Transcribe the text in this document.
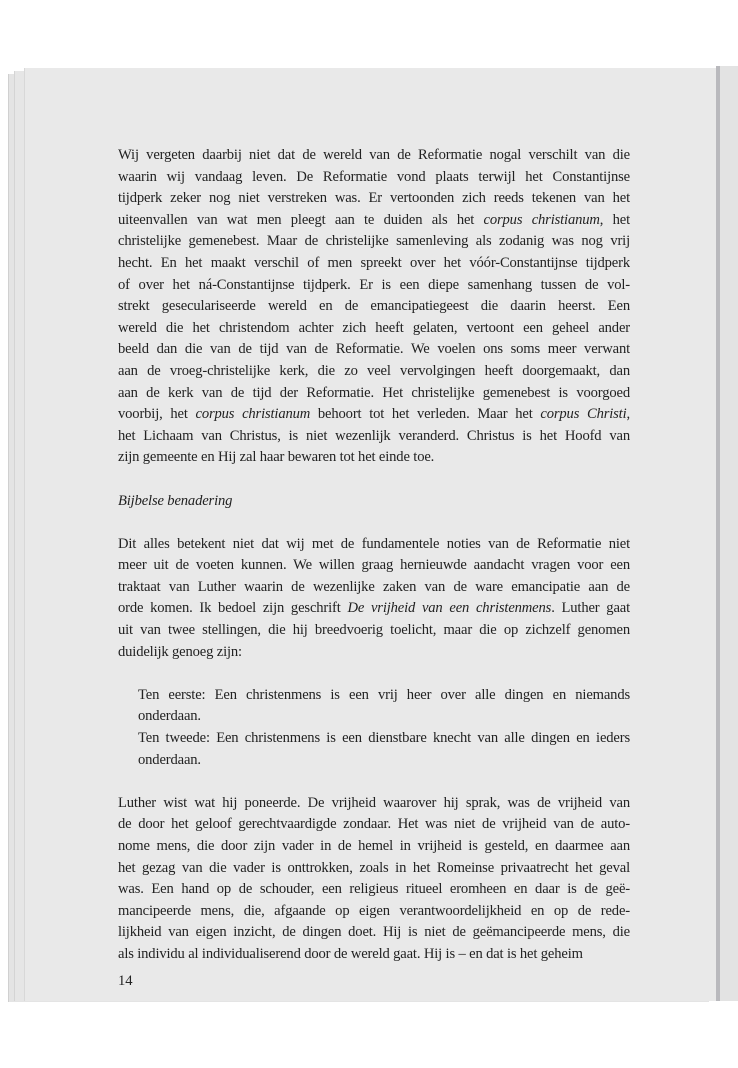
Wij vergeten daarbij niet dat de wereld van de Reformatie nogal verschilt van die
waarin wij vandaag leven. De Reformatie vond plaats terwijl het Constantijnse
tijdperk zeker nog niet verstreken was. Er vertoonden zich reeds tekenen van het
uiteenvallen van wat men pleegt aan te duiden als het corpus christianum, het
christelijke gemenebest. Maar de christelijke samenleving als zodanig was nog vrij
hecht. En het maakt verschil of men spreekt over het vóór-Constantijnse tijdperk
of over het ná-Constantijnse tijdperk. Er is een diepe samenhang tussen de vol-
strekt geseculariseerde wereld en de emancipatiegeest die daarin heerst. Een
wereld die het christendom achter zich heeft gelaten, vertoont een geheel ander
beeld dan die van de tijd van de Reformatie. We voelen ons soms meer verwant
aan de vroeg-christelijke kerk, die zo veel vervolgingen heeft doorgemaakt, dan
aan de kerk van de tijd der Reformatie. Het christelijke gemenebest is voorgoed
voorbij, het corpus christianum behoort tot het verleden. Maar het corpus Christi,
het Lichaam van Christus, is niet wezenlijk veranderd. Christus is het Hoofd van
zijn gemeente en Hij zal haar bewaren tot het einde toe.
Bijbelse benadering
Dit alles betekent niet dat wij met de fundamentele noties van de Reformatie niet
meer uit de voeten kunnen. We willen graag hernieuwde aandacht vragen voor een
traktaat van Luther waarin de wezenlijke zaken van de ware emancipatie aan de
orde komen. Ik bedoel zijn geschrift De vrijheid van een christenmens. Luther gaat
uit van twee stellingen, die hij breedvoerig toelicht, maar die op zichzelf genomen
duidelijk genoeg zijn:
Ten eerste: Een christenmens is een vrij heer over alle dingen en niemands
onderdaan.
Ten tweede: Een christenmens is een dienstbare knecht van alle dingen en ieders
onderdaan.
Luther wist wat hij poneerde. De vrijheid waarover hij sprak, was de vrijheid van
de door het geloof gerechtvaardigde zondaar. Het was niet de vrijheid van de auto-
nome mens, die door zijn vader in de hemel in vrijheid is gesteld, en daarmee aan
het gezag van die vader is onttrokken, zoals in het Romeinse privaatrecht het geval
was. Een hand op de schouder, een religieus ritueel eromheen en daar is de geë-
mancipeerde mens, die, afgaande op eigen verantwoordelijkheid en op de rede-
lijkheid van eigen inzicht, de dingen doet. Hij is niet de geëmancipeerde mens, die
als individu al individualiserend door de wereld gaat. Hij is – en dat is het geheim
14
